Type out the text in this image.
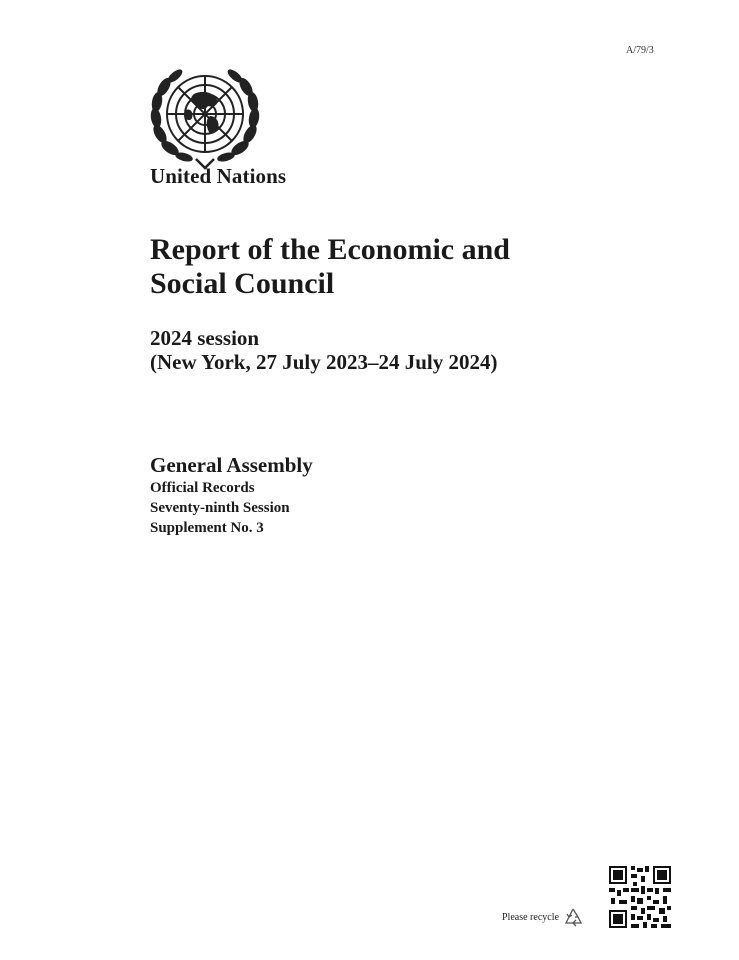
A/79/3
United Nations
Report of the Economic and
Social Council
2024 session
(New York, 27 July 2023–24 July 2024)
General Assembly
Official Records
Seventy-ninth Session
Supplement No. 3
Please recycle
